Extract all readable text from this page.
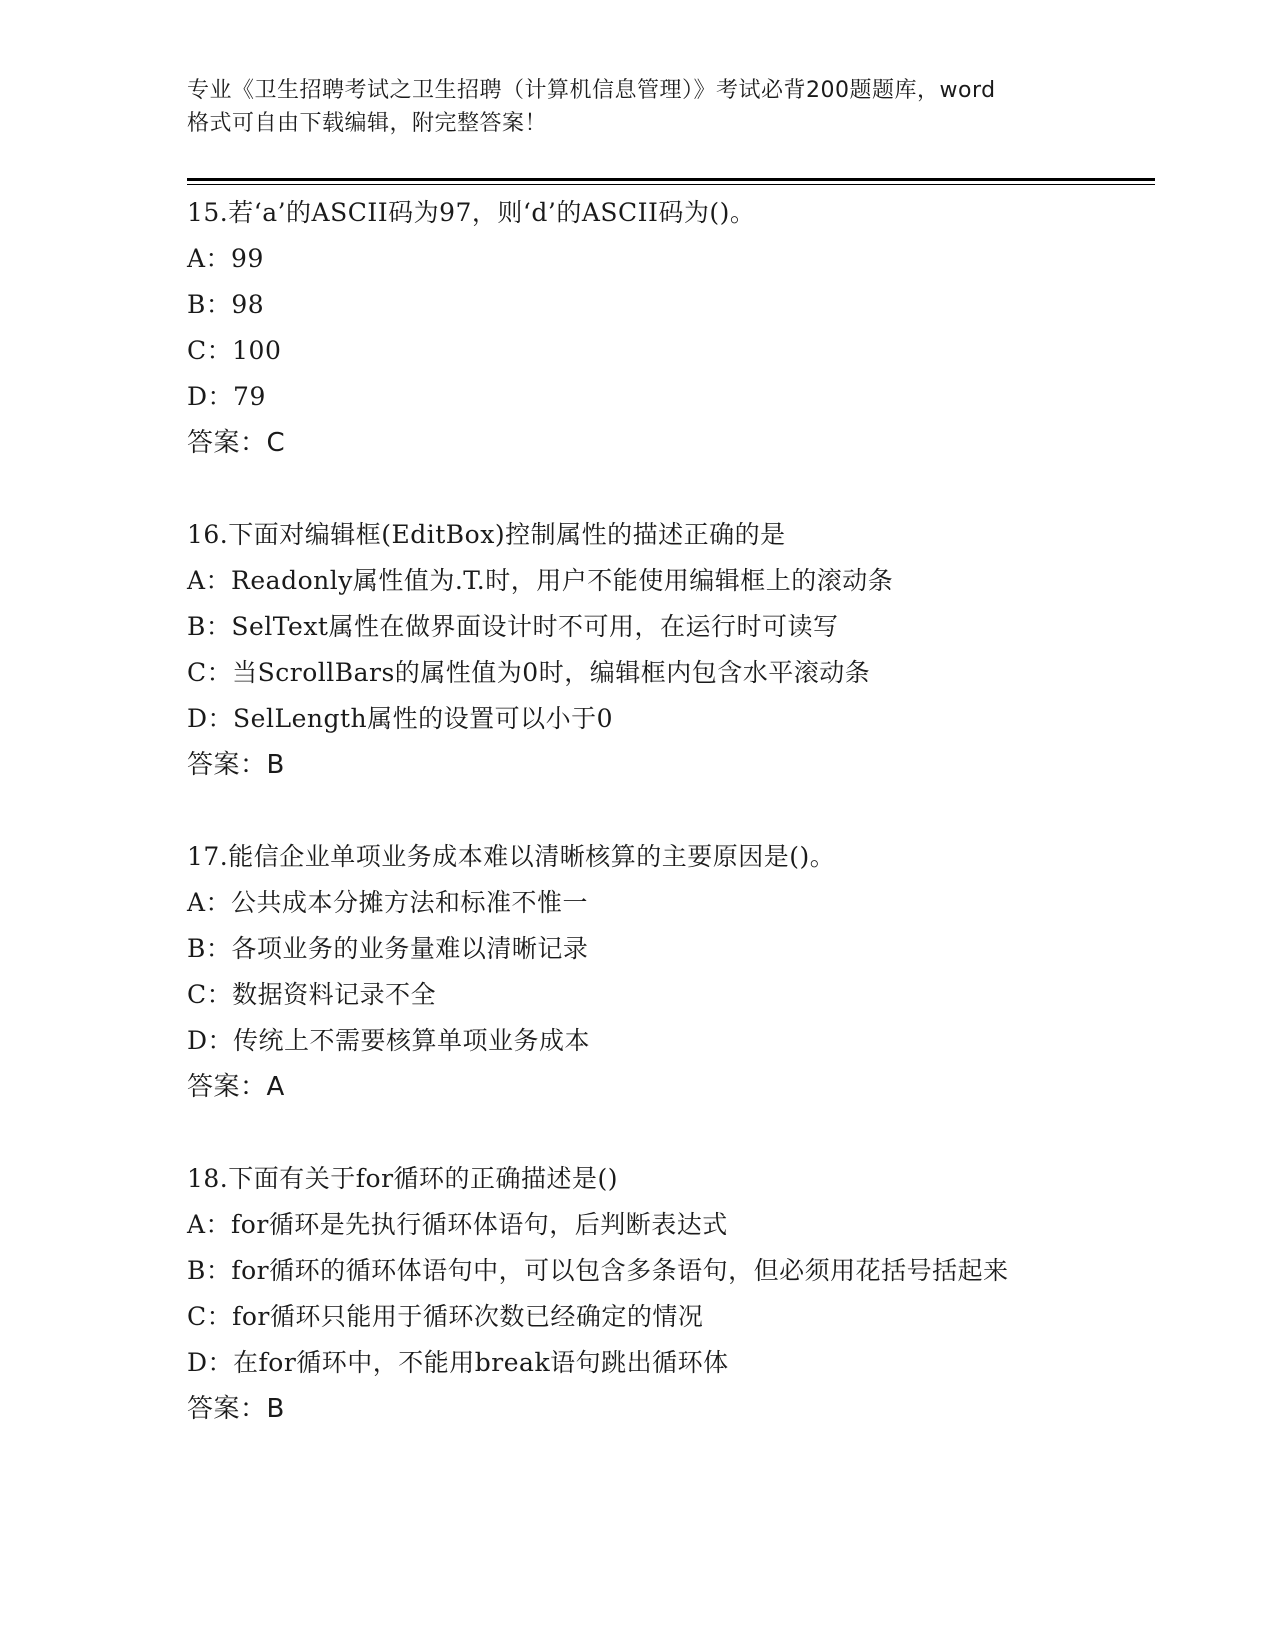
专业《卫生招聘考试之卫生招聘（计算机信息管理）》考试必背200题题库，word
格式可自由下载编辑，附完整答案！
15.若‘a’的ASCII码为97，则‘d’的ASCII码为()。
A：99
B：98
C：100
D：79
答案：C
16.下面对编辑框(EditBox)控制属性的描述正确的是
A：Readonly属性值为.T.时，用户不能使用编辑框上的滚动条
B：SelText属性在做界面设计时不可用，在运行时可读写
C：当ScrollBars的属性值为0时，编辑框内包含水平滚动条
D：SelLength属性的设置可以小于0
答案：B
17.能信企业单项业务成本难以清晰核算的主要原因是()。
A：公共成本分摊方法和标准不惟一
B：各项业务的业务量难以清晰记录
C：数据资料记录不全
D：传统上不需要核算单项业务成本
答案：A
18.下面有关于for循环的正确描述是()
A：for循环是先执行循环体语句，后判断表达式
B：for循环的循环体语句中，可以包含多条语句，但必须用花括号括起来
C：for循环只能用于循环次数已经确定的情况
D：在for循环中，不能用break语句跳出循环体
答案：B
